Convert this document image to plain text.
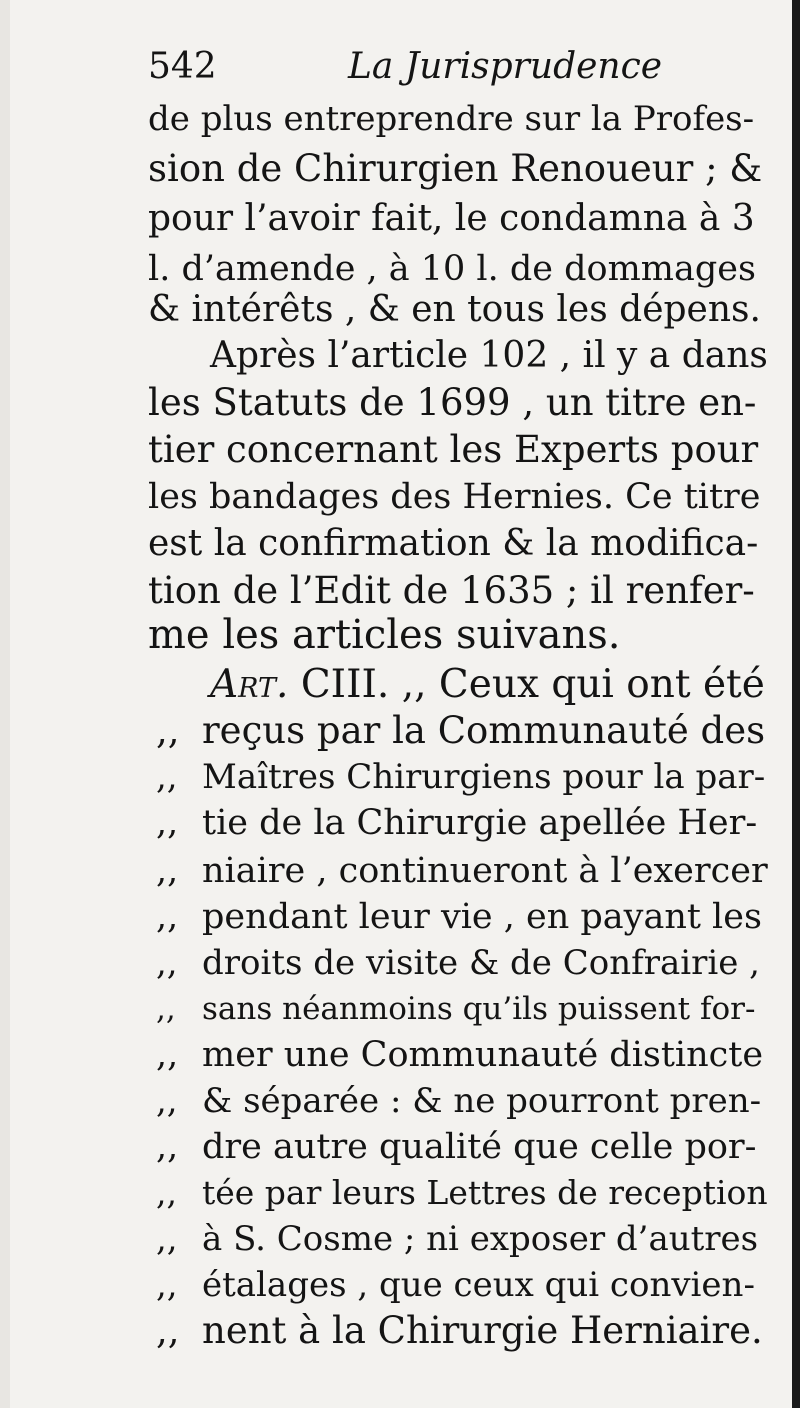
542	La Jurisprudence
de plus entreprendre sur la Profes-
sion de Chirurgien Renoueur ; &
pour l’avoir fait, le condamna à 3
l. d’amende , à 10 l. de dommages
& intérêts , & en tous les dépens.
Après l’article 102 , il y a dans
les Statuts de 1699 , un titre en-
tier concernant les Experts pour
les bandages des Hernies. Ce titre
est la confirmation & la modifica-
tion de l’Edit de 1635 ; il renfer-
me les articles suivans.
Art. CIII. ,, Ceux qui ont été
,, reçus par la Communauté des
,, Maîtres Chirurgiens pour la par-
,, tie de la Chirurgie apellée Her-
,, niaire , continueront à l’exercer
,, pendant leur vie , en payant les
,, droits de visite & de Confrairie ,
,, sans néanmoins qu’ils puissent for-
,, mer une Communauté distincte
,, & séparée : & ne pourront pren-
,, dre autre qualité que celle por-
,, tée par leurs Lettres de reception
,, à S. Cosme ; ni exposer d’autres
,, étalages , que ceux qui convien-
,, nent à la Chirurgie Herniaire.
